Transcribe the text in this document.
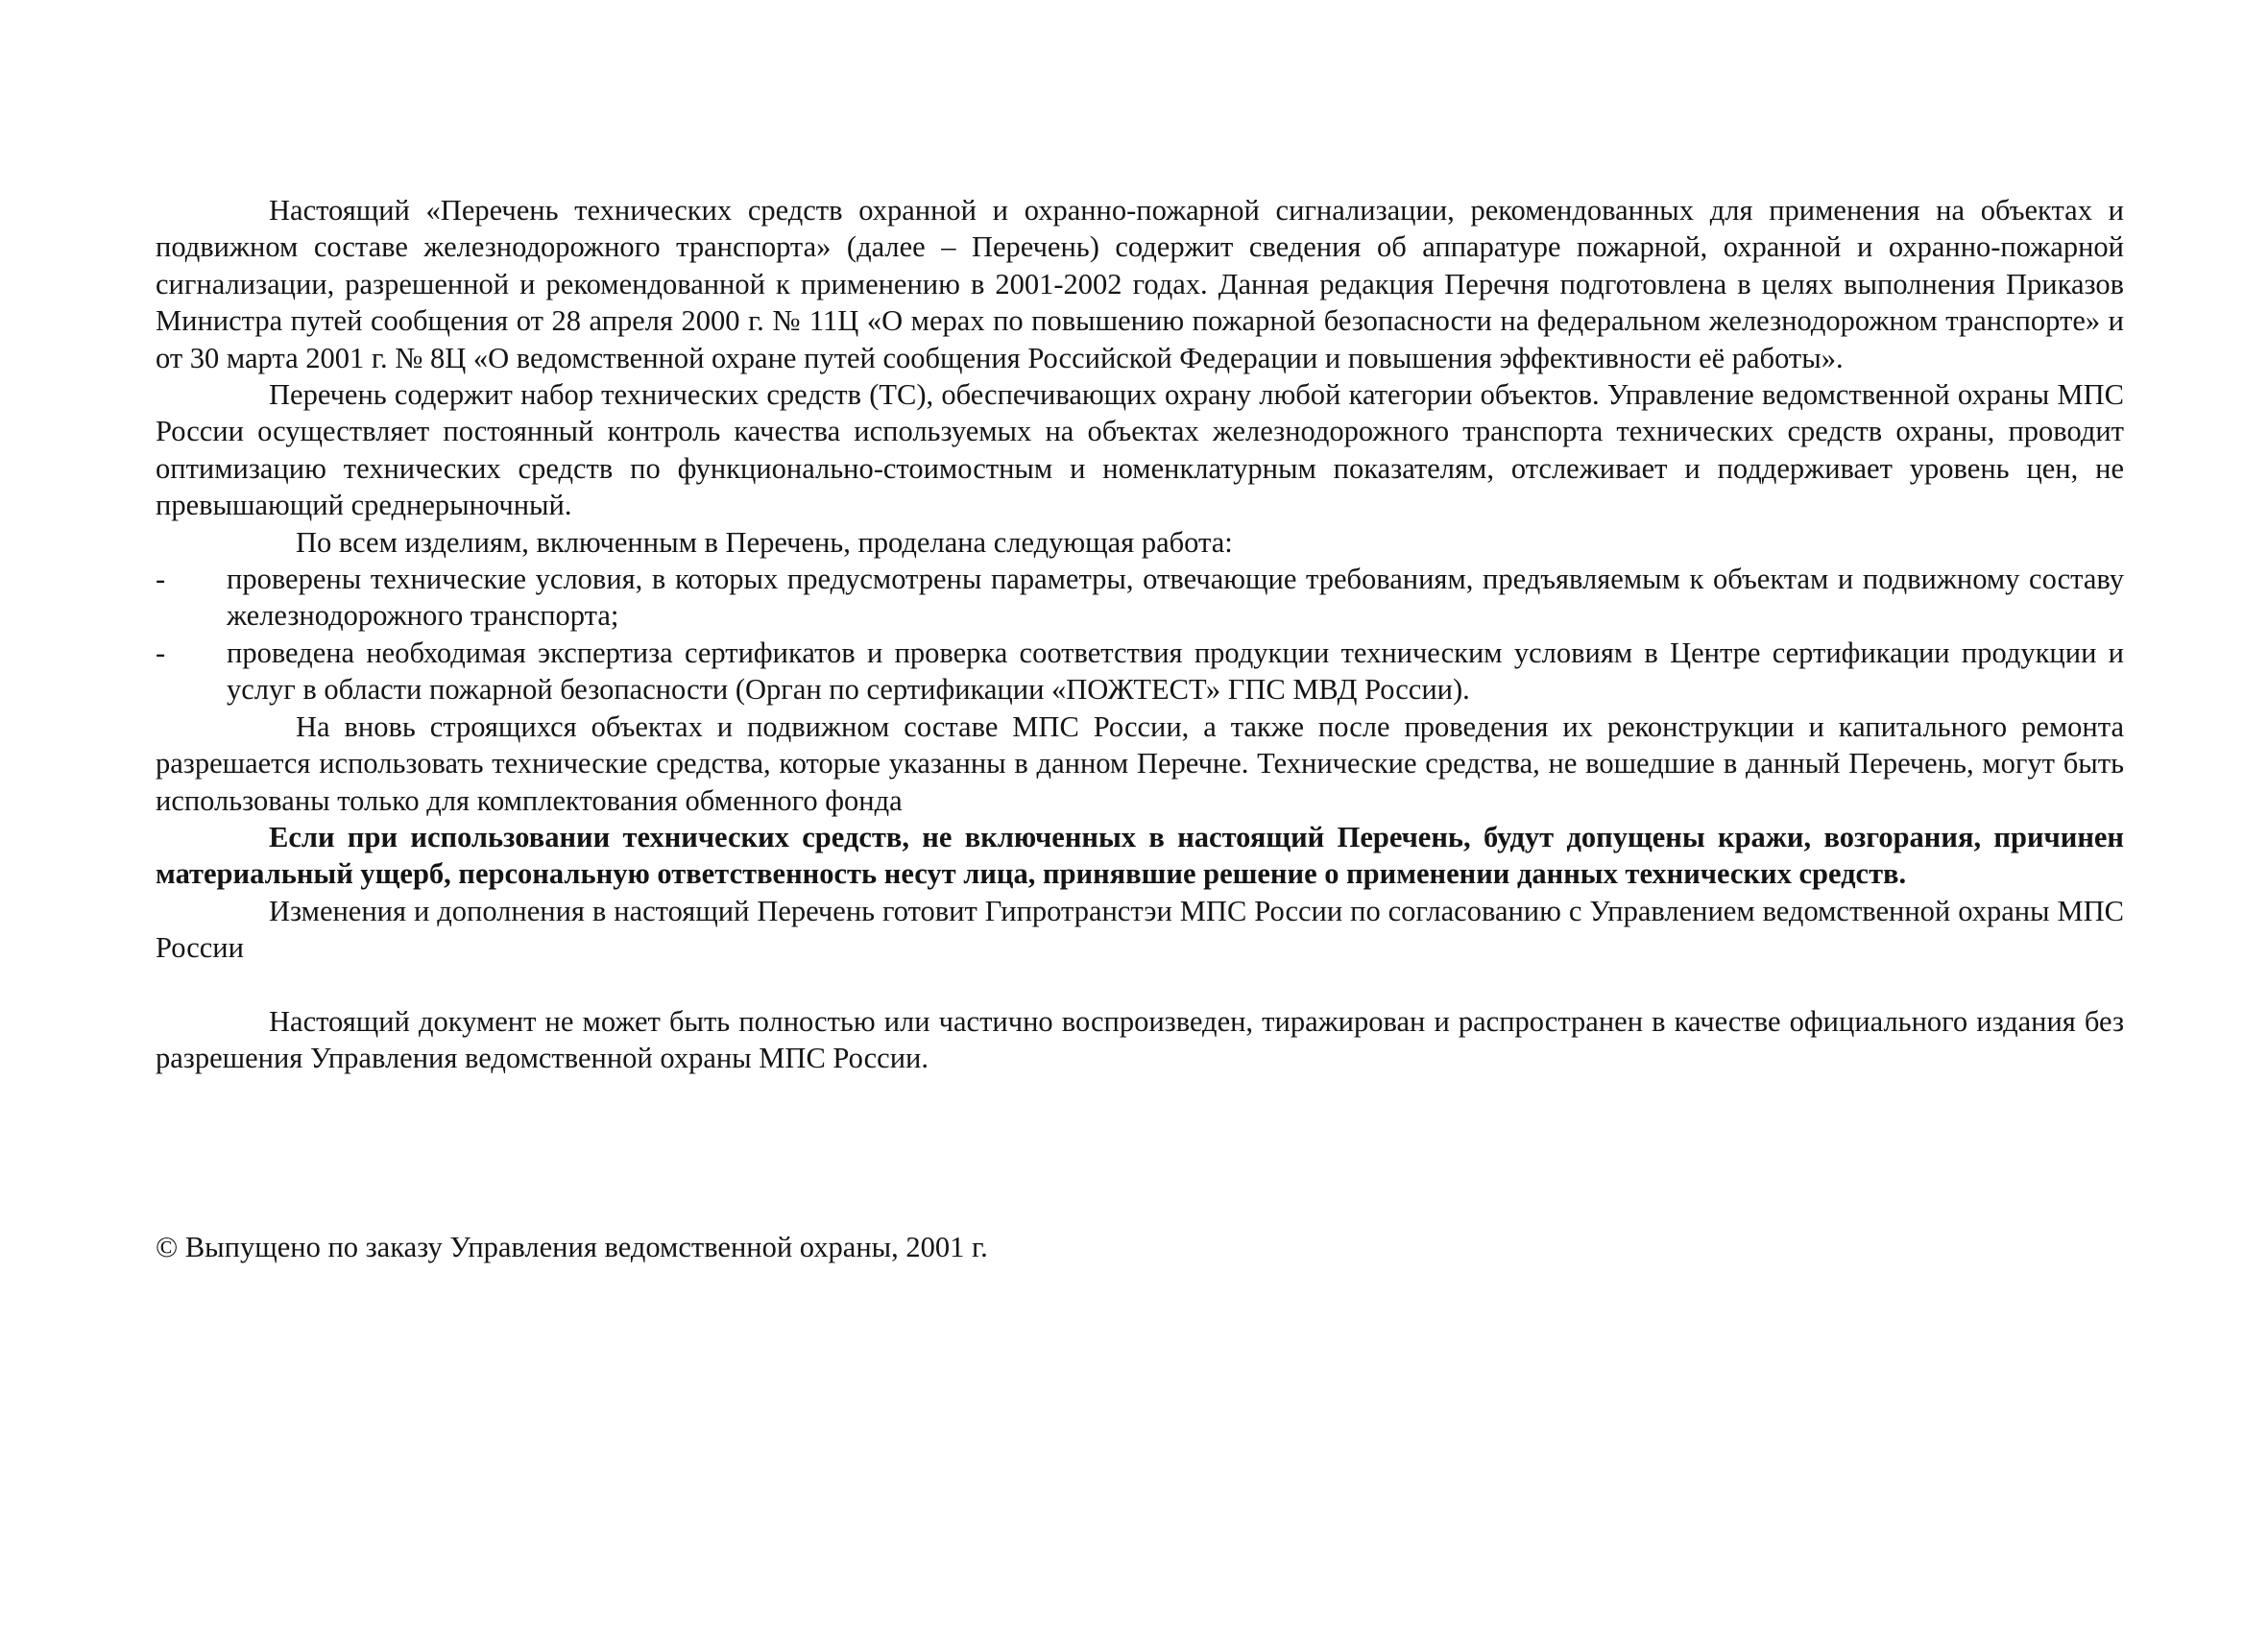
Настоящий «Перечень технических средств охранной и охранно-пожарной сигнализации, рекомендованных для применения на объектах и подвижном составе железнодорожного транспорта» (далее – Перечень) содержит сведения об аппаратуре пожарной, охранной и охранно-пожарной сигнализации, разрешенной и рекомендованной к применению в 2001-2002 годах. Данная редакция Перечня подготовлена в целях выполнения Приказов Министра путей сообщения от 28 апреля 2000 г. № 11Ц «О мерах по повышению пожарной безопасности на федеральном железнодорожном транспорте» и от 30 марта 2001 г. № 8Ц «О ведомственной охране путей сообщения Российской Федерации и повышения эффективности её работы».

Перечень содержит набор технических средств (ТС), обеспечивающих охрану любой категории объектов. Управление ведомственной охраны МПС России осуществляет постоянный контроль качества используемых на объектах железнодорожного транспорта технических средств охраны, проводит оптимизацию технических средств по функционально-стоимостным и номенклатурным показателям, отслеживает и поддерживает уровень цен, не превышающий среднерыночный.

По всем изделиям, включенным в Перечень, проделана следующая работа:

-	проверены технические условия, в которых предусмотрены параметры, отвечающие требованиям, предъявляемым к объектам и подвижному составу железнодорожного транспорта;
-	проведена необходимая экспертиза сертификатов и проверка соответствия продукции техническим условиям в Центре сертификации продукции и услуг в области пожарной безопасности (Орган по сертификации «ПОЖТЕСТ» ГПС МВД России).

На вновь строящихся объектах и подвижном составе МПС России, а также после проведения их реконструкции и капитального ремонта разрешается использовать технические средства, которые указанны в данном Перечне. Технические средства, не вошедшие в данный Перечень, могут быть использованы только для комплектования обменного фонда

Если при использовании технических средств, не включенных в настоящий Перечень, будут допущены кражи, возгорания, причинен материальный ущерб, персональную ответственность несут лица, принявшие решение о применении данных технических средств.

Изменения и дополнения в настоящий Перечень готовит Гипротранстэи МПС России по согласованию с Управлением ведомственной охраны МПС России

Настоящий документ не может быть полностью или частично воспроизведен, тиражирован и распространен в качестве официального издания без разрешения Управления ведомственной охраны МПС России.

© Выпущено по заказу Управления ведомственной охраны, 2001 г.
